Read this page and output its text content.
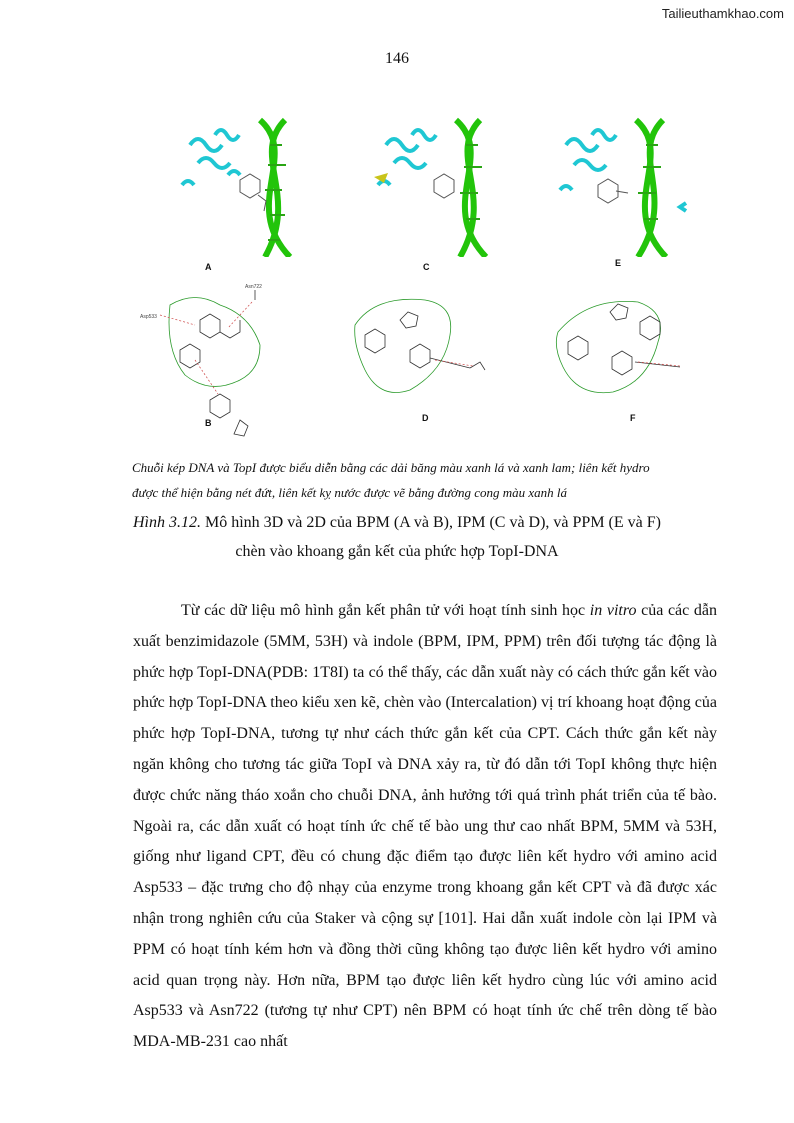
Tailieuthamkhao.com
146
A	C	E
Asn722
Asp533
B	D	F
Chuỗi kép DNA và TopI được biểu diễn bằng các dải băng màu xanh lá và xanh lam; liên kết hydro
được thể hiện bằng nét đứt, liên kết kỵ nước được vẽ bằng đường cong màu xanh lá
Hình 3.12. Mô hình 3D và 2D của BPM (A và B), IPM (C và D), và PPM (E và F)
chèn vào khoang gắn kết của phức hợp TopI-DNA
Từ các dữ liệu mô hình gắn kết phân tử với hoạt tính sinh học in vitro của các dẫn xuất benzimidazole (5MM, 53H) và indole (BPM, IPM, PPM) trên đối tượng tác động là phức hợp TopI-DNA(PDB: 1T8I) ta có thể thấy, các dẫn xuất này có cách thức gắn kết vào phức hợp TopI-DNA theo kiểu xen kẽ, chèn vào (Intercalation) vị trí khoang hoạt động của phức hợp TopI-DNA, tương tự như cách thức gắn kết của CPT. Cách thức gắn kết này ngăn không cho tương tác giữa TopI và DNA xảy ra, từ đó dẫn tới TopI không thực hiện được chức năng tháo xoắn cho chuỗi DNA, ảnh hưởng tới quá trình phát triển của tế bào. Ngoài ra, các dẫn xuất có hoạt tính ức chế tế bào ung thư cao nhất BPM, 5MM và 53H, giống như ligand CPT, đều có chung đặc điểm tạo được liên kết hydro với amino acid Asp533 – đặc trưng cho độ nhạy của enzyme trong khoang gắn kết CPT và đã được xác nhận trong nghiên cứu của Staker và cộng sự [101]. Hai dẫn xuất indole còn lại IPM và PPM có hoạt tính kém hơn và đồng thời cũng không tạo được liên kết hydro với amino acid quan trọng này. Hơn nữa, BPM tạo được liên kết hydro cùng lúc với amino acid Asp533 và Asn722 (tương tự như CPT) nên BPM có hoạt tính ức chế trên dòng tế bào MDA-MB-231 cao nhất
